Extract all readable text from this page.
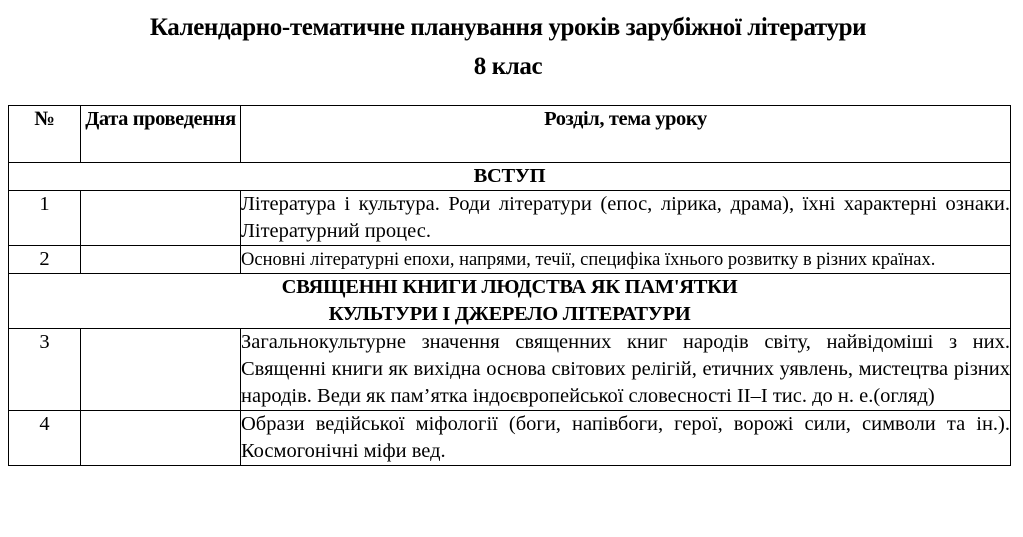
Календарно-тематичне планування уроків зарубіжної літератури
8 клас
№	Дата проведення	Розділ, тема уроку
ВСТУП		
1		Література і культура. Роди літератури (епос, лірика, драма), їхні характерні ознаки. Літературний процес.
2		Основні літературні епохи, напрями, течії, специфіка їхнього розвитку в різних країнах.

СВЯЩЕННІ КНИГИ ЛЮДСТВА ЯК ПАМ'ЯТКИ
КУЛЬТУРИ І ДЖЕРЕЛО ЛІТЕРАТУРИ		

3		Загальнокультурне значення священних книг народів світу, найвідоміші з них. Священні книги як вихідна основа світових релігій, етичних уявлень, мистецтва різних народів. Веди як пам’ятка індоєвропейської словесності ІІ–І тис. до н. е.(огляд)
4		Образи ведійської міфології (боги, напівбоги, герої, ворожі сили, символи та ін.). Космогонічні міфи вед.
